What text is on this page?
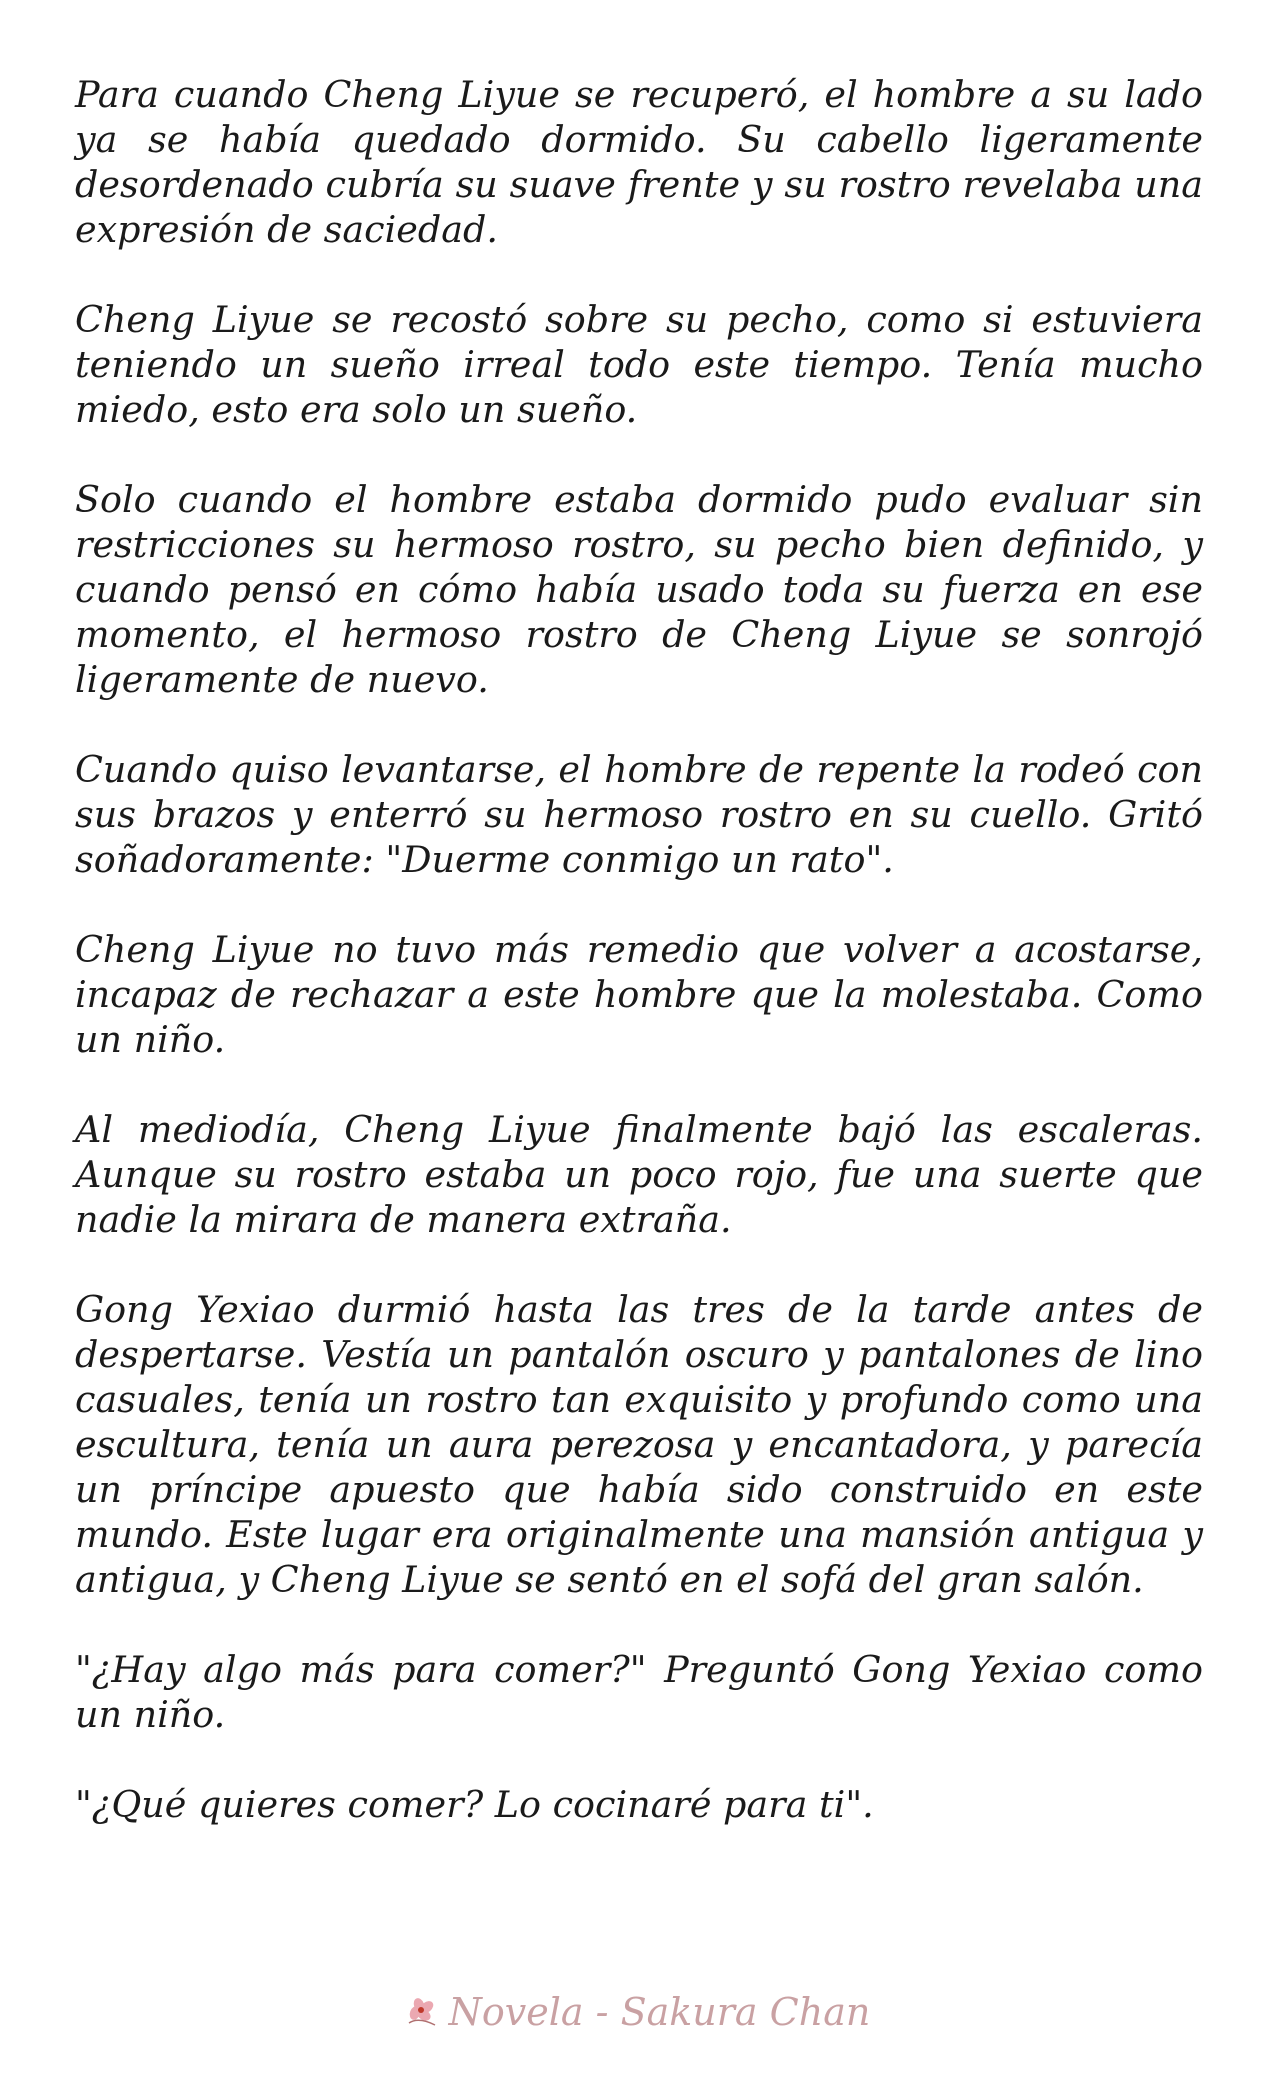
Para cuando Cheng Liyue se recuperó, el hombre a su lado ya se había quedado dormido. Su cabello ligeramente desordenado cubría su suave frente y su rostro revelaba una expresión de saciedad.

Cheng Liyue se recostó sobre su pecho, como si estuviera teniendo un sueño irreal todo este tiempo. Tenía mucho miedo, esto era solo un sueño.

Solo cuando el hombre estaba dormido pudo evaluar sin restricciones su hermoso rostro, su pecho bien definido, y cuando pensó en cómo había usado toda su fuerza en ese momento, el hermoso rostro de Cheng Liyue se sonrojó ligeramente de nuevo.

Cuando quiso levantarse, el hombre de repente la rodeó con sus brazos y enterró su hermoso rostro en su cuello. Gritó soñadoramente: "Duerme conmigo un rato".

Cheng Liyue no tuvo más remedio que volver a acostarse, incapaz de rechazar a este hombre que la molestaba. Como un niño.

Al mediodía, Cheng Liyue finalmente bajó las escaleras. Aunque su rostro estaba un poco rojo, fue una suerte que nadie la mirara de manera extraña.

Gong Yexiao durmió hasta las tres de la tarde antes de despertarse. Vestía un pantalón oscuro y pantalones de lino casuales, tenía un rostro tan exquisito y profundo como una escultura, tenía un aura perezosa y encantadora, y parecía un príncipe apuesto que había sido construido en este mundo. Este lugar era originalmente una mansión antigua y antigua, y Cheng Liyue se sentó en el sofá del gran salón.

"¿Hay algo más para comer?" Preguntó Gong Yexiao como un niño.

"¿Qué quieres comer? Lo cocinaré para ti".

Novela - Sakura Chan
